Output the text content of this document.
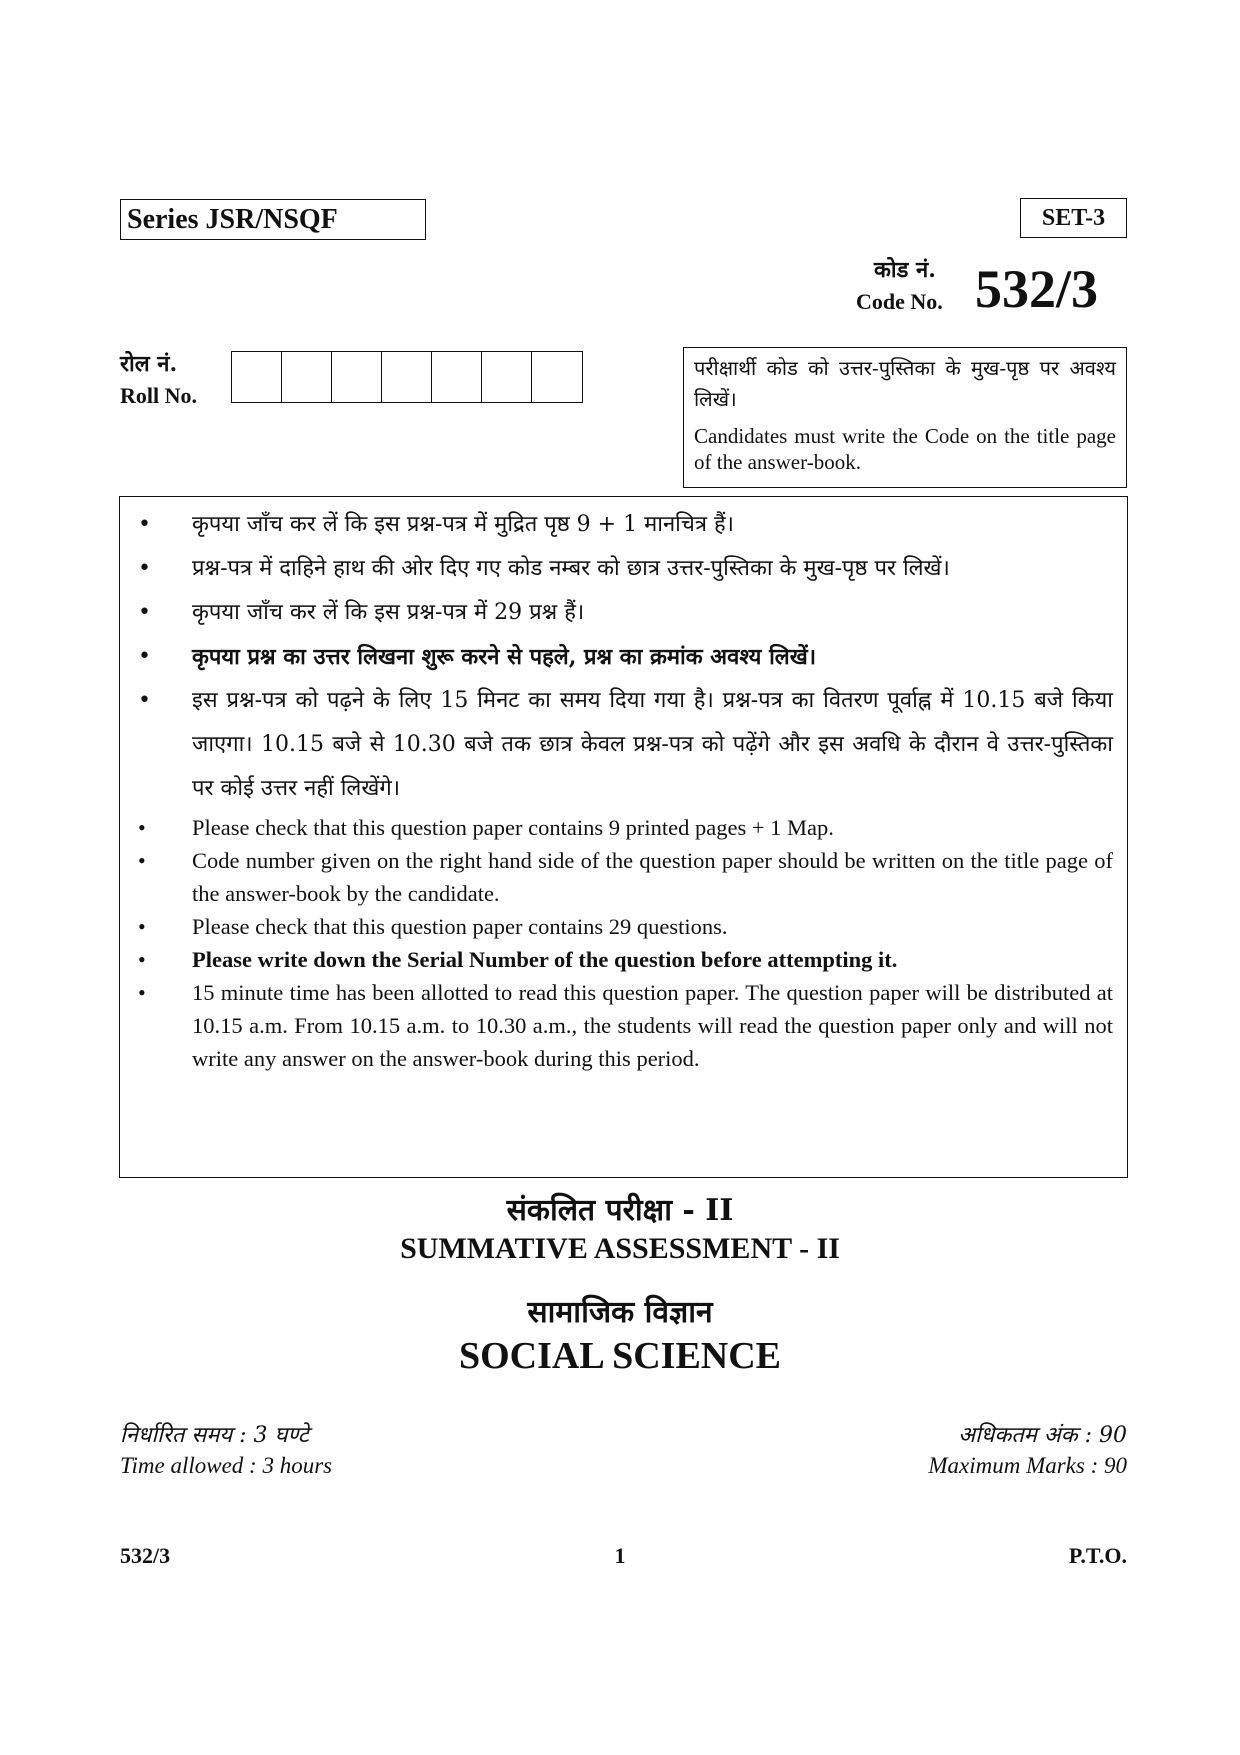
Series JSR/NSQF	SET-3
कोड नं.
Code No. 532/3
रोल नं.
Roll No.
परीक्षार्थी कोड को उत्तर-पुस्तिका के मुख-पृष्ठ पर अवश्य लिखें।
Candidates must write the Code on the title page of the answer-book.
•	कृपया जाँच कर लें कि इस प्रश्न-पत्र में मुद्रित पृष्ठ 9 + 1 मानचित्र हैं।
•	प्रश्न-पत्र में दाहिने हाथ की ओर दिए गए कोड नम्बर को छात्र उत्तर-पुस्तिका के मुख-पृष्ठ पर लिखें।
•	कृपया जाँच कर लें कि इस प्रश्न-पत्र में 29 प्रश्न हैं।
•	कृपया प्रश्न का उत्तर लिखना शुरू करने से पहले, प्रश्न का क्रमांक अवश्य लिखें।
•	इस प्रश्न-पत्र को पढ़ने के लिए 15 मिनट का समय दिया गया है। प्रश्न-पत्र का वितरण पूर्वाह्न में 10.15 बजे किया जाएगा। 10.15 बजे से 10.30 बजे तक छात्र केवल प्रश्न-पत्र को पढ़ेंगे और इस अवधि के दौरान वे उत्तर-पुस्तिका पर कोई उत्तर नहीं लिखेंगे।
•	Please check that this question paper contains 9 printed pages + 1 Map.
•	Code number given on the right hand side of the question paper should be written on the title page of the answer-book by the candidate.
•	Please check that this question paper contains 29 questions.
•	Please write down the Serial Number of the question before attempting it.
•	15 minute time has been allotted to read this question paper. The question paper will be distributed at 10.15 a.m. From 10.15 a.m. to 10.30 a.m., the students will read the question paper only and will not write any answer on the answer-book during this period.
संकलित परीक्षा - II
SUMMATIVE ASSESSMENT - II
सामाजिक विज्ञान
SOCIAL SCIENCE
निर्धारित समय : 3 घण्टे
Time allowed : 3 hours
अधिकतम अंक : 90
Maximum Marks : 90
1
532/3	P.T.O.
